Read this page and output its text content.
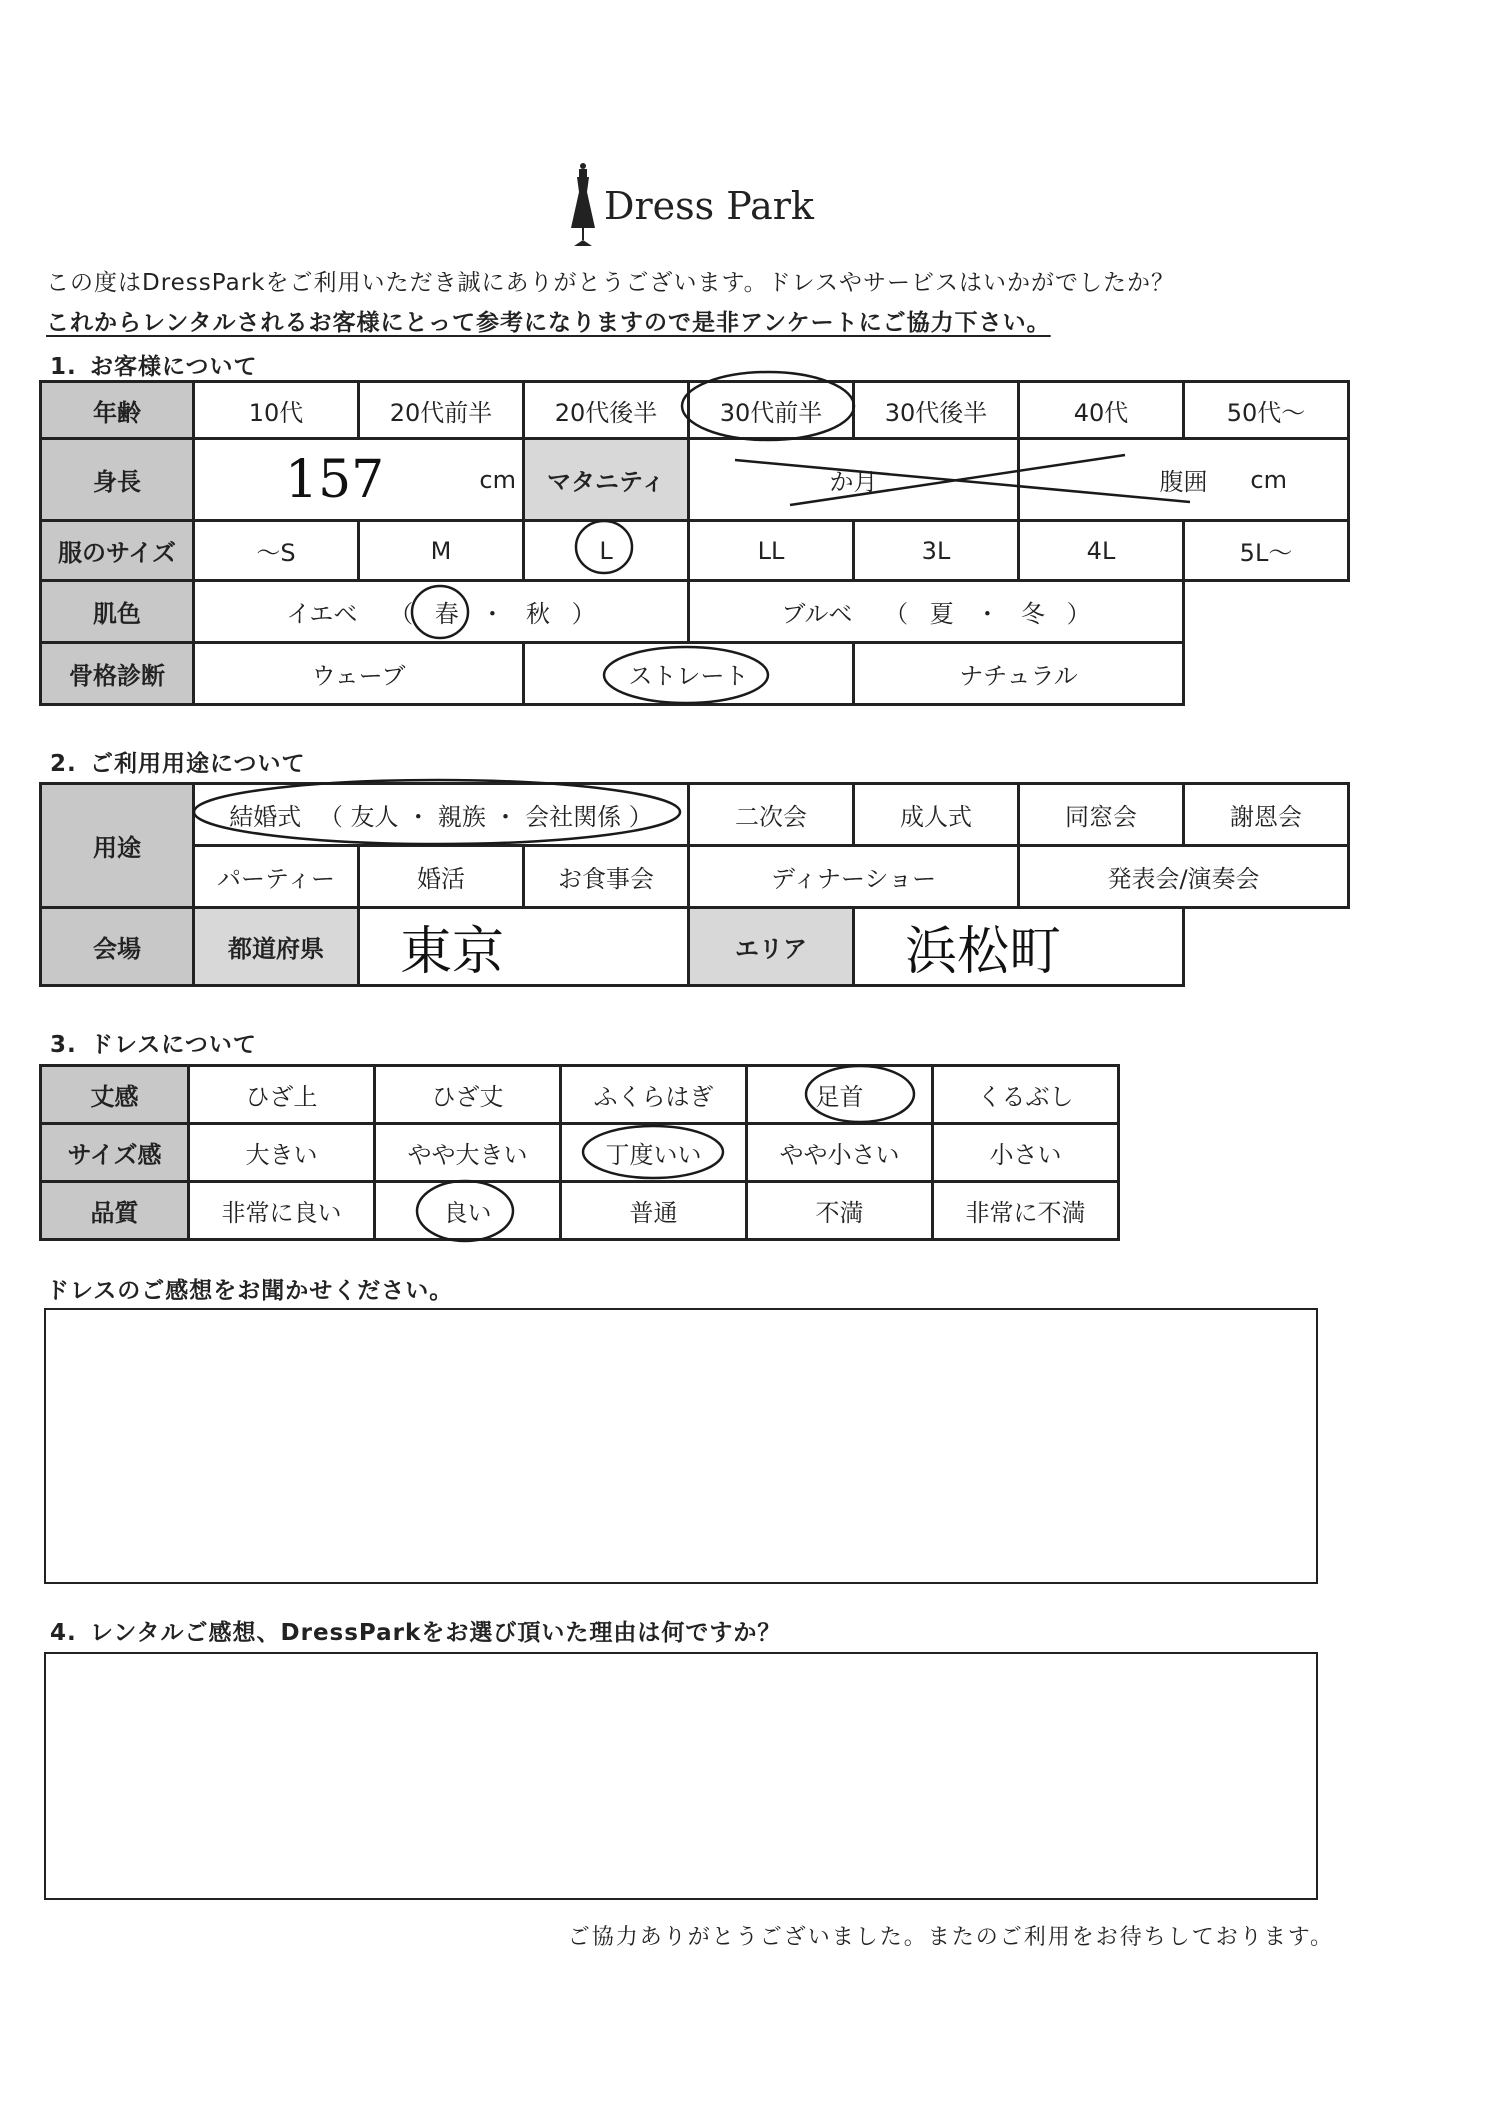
Dress Park
この度はDressParkをご利用いただき誠にありがとうございます。ドレスやサービスはいかがでしたか？
これからレンタルされるお客様にとって参考になりますので是非アンケートにご協力下さい。
1. お客様について
年齢	10代	20代前半	20代後半	30代前半	30代後半	40代	50代〜
身長	157 cm		マタニティ	か月		腹囲 cm	

服のサイズ	〜S	M	L	LL	3L	4L	5L〜
肌色	イエベ （ 春 ・ 秋 ）			ブルベ （ 夏 ・ 冬 ）			
骨格診断	ウェーブ		ストレート		ナチュラル		
2. ご利用用途について
用途	結婚式 （ 友人 ・ 親族 ・ 会社関係 ）			二次会	成人式	同窓会	謝恩会
	パーティー	婚活	お食事会	ディナーショー		発表会/演奏会	
会場	都道府県	東京		エリア	浜松町		
3. ドレスについて
丈感	ひざ上	ひざ丈	ふくらはぎ	足首	くるぶし
サイズ感	大きい	やや大きい	丁度いい	やや小さい	小さい
品質	非常に良い	良い	普通	不満	非常に不満
ドレスのご感想をお聞かせください。
4. レンタルご感想、DressParkをお選び頂いた理由は何ですか？
ご協力ありがとうございました。またのご利用をお待ちしております。
